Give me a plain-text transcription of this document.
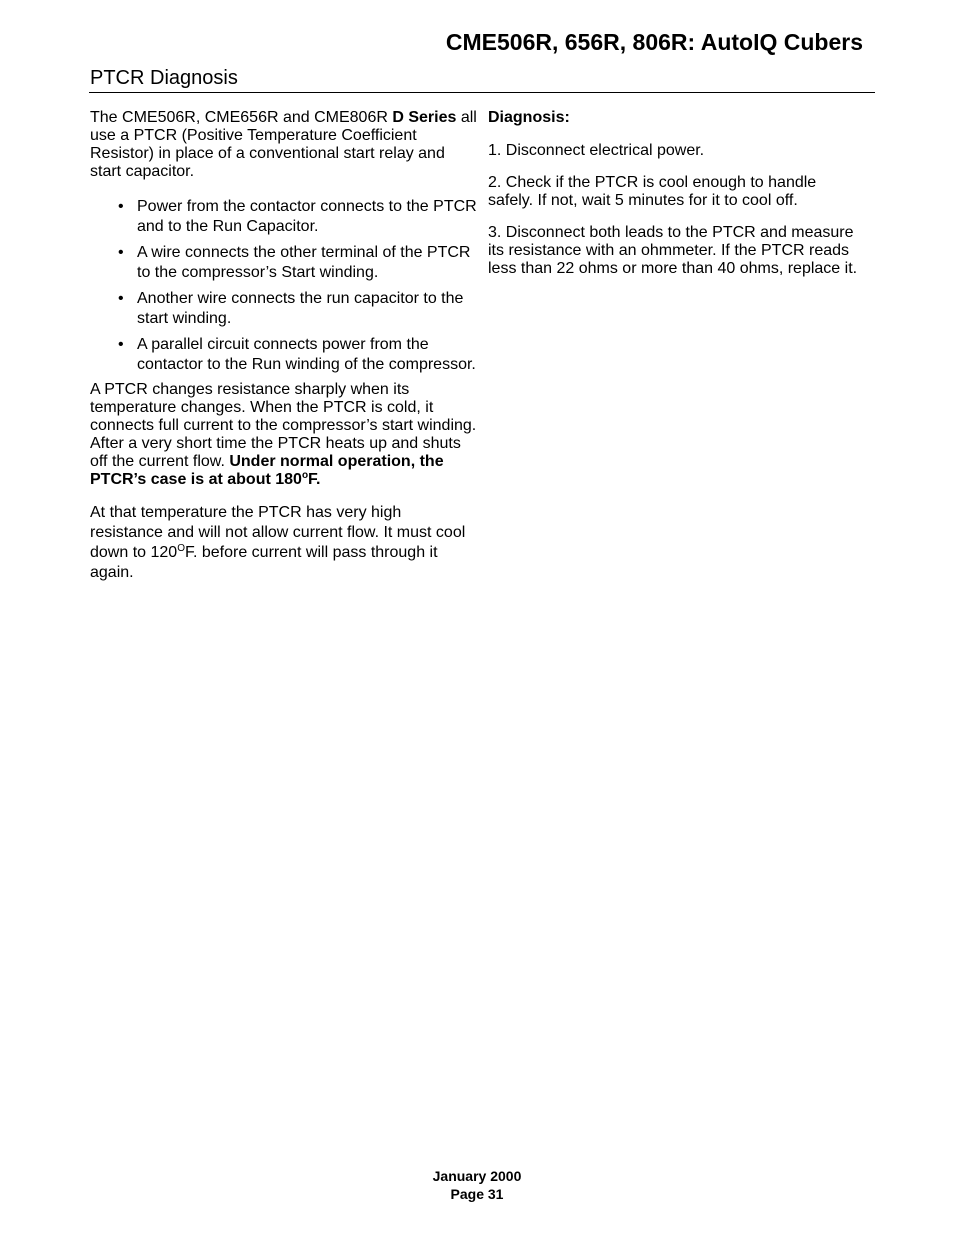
CME506R, 656R, 806R: AutoIQ Cubers
PTCR Diagnosis

The CME506R, CME656R and CME806R D Series all use a PTCR (Positive Temperature Coefficient Resistor) in place of a conventional start relay and start capacitor.

• Power from the contactor connects to the PTCR and to the Run Capacitor.
• A wire connects the other terminal of the PTCR to the compressor’s Start winding.
• Another wire connects the run capacitor to the start winding.
• A parallel circuit connects power from the contactor to the Run winding of the compressor.

A PTCR changes resistance sharply when its temperature changes. When the PTCR is cold, it connects full current to the compressor’s start winding. After a very short time the PTCR heats up and shuts off the current flow. Under normal operation, the PTCR’s case is at about 180$^o$F.

At that temperature the PTCR has very high resistance and will not allow current flow. It must cool down to $120^OF$. before current will pass through it again.

Diagnosis:

1. Disconnect electrical power.

2. Check if the PTCR is cool enough to handle safely. If not, wait 5 minutes for it to cool off.

3. Disconnect both leads to the PTCR and measure its resistance with an ohmmeter. If the PTCR reads less than 22 ohms or more than 40 ohms, replace it.

January 2000
Page 31
